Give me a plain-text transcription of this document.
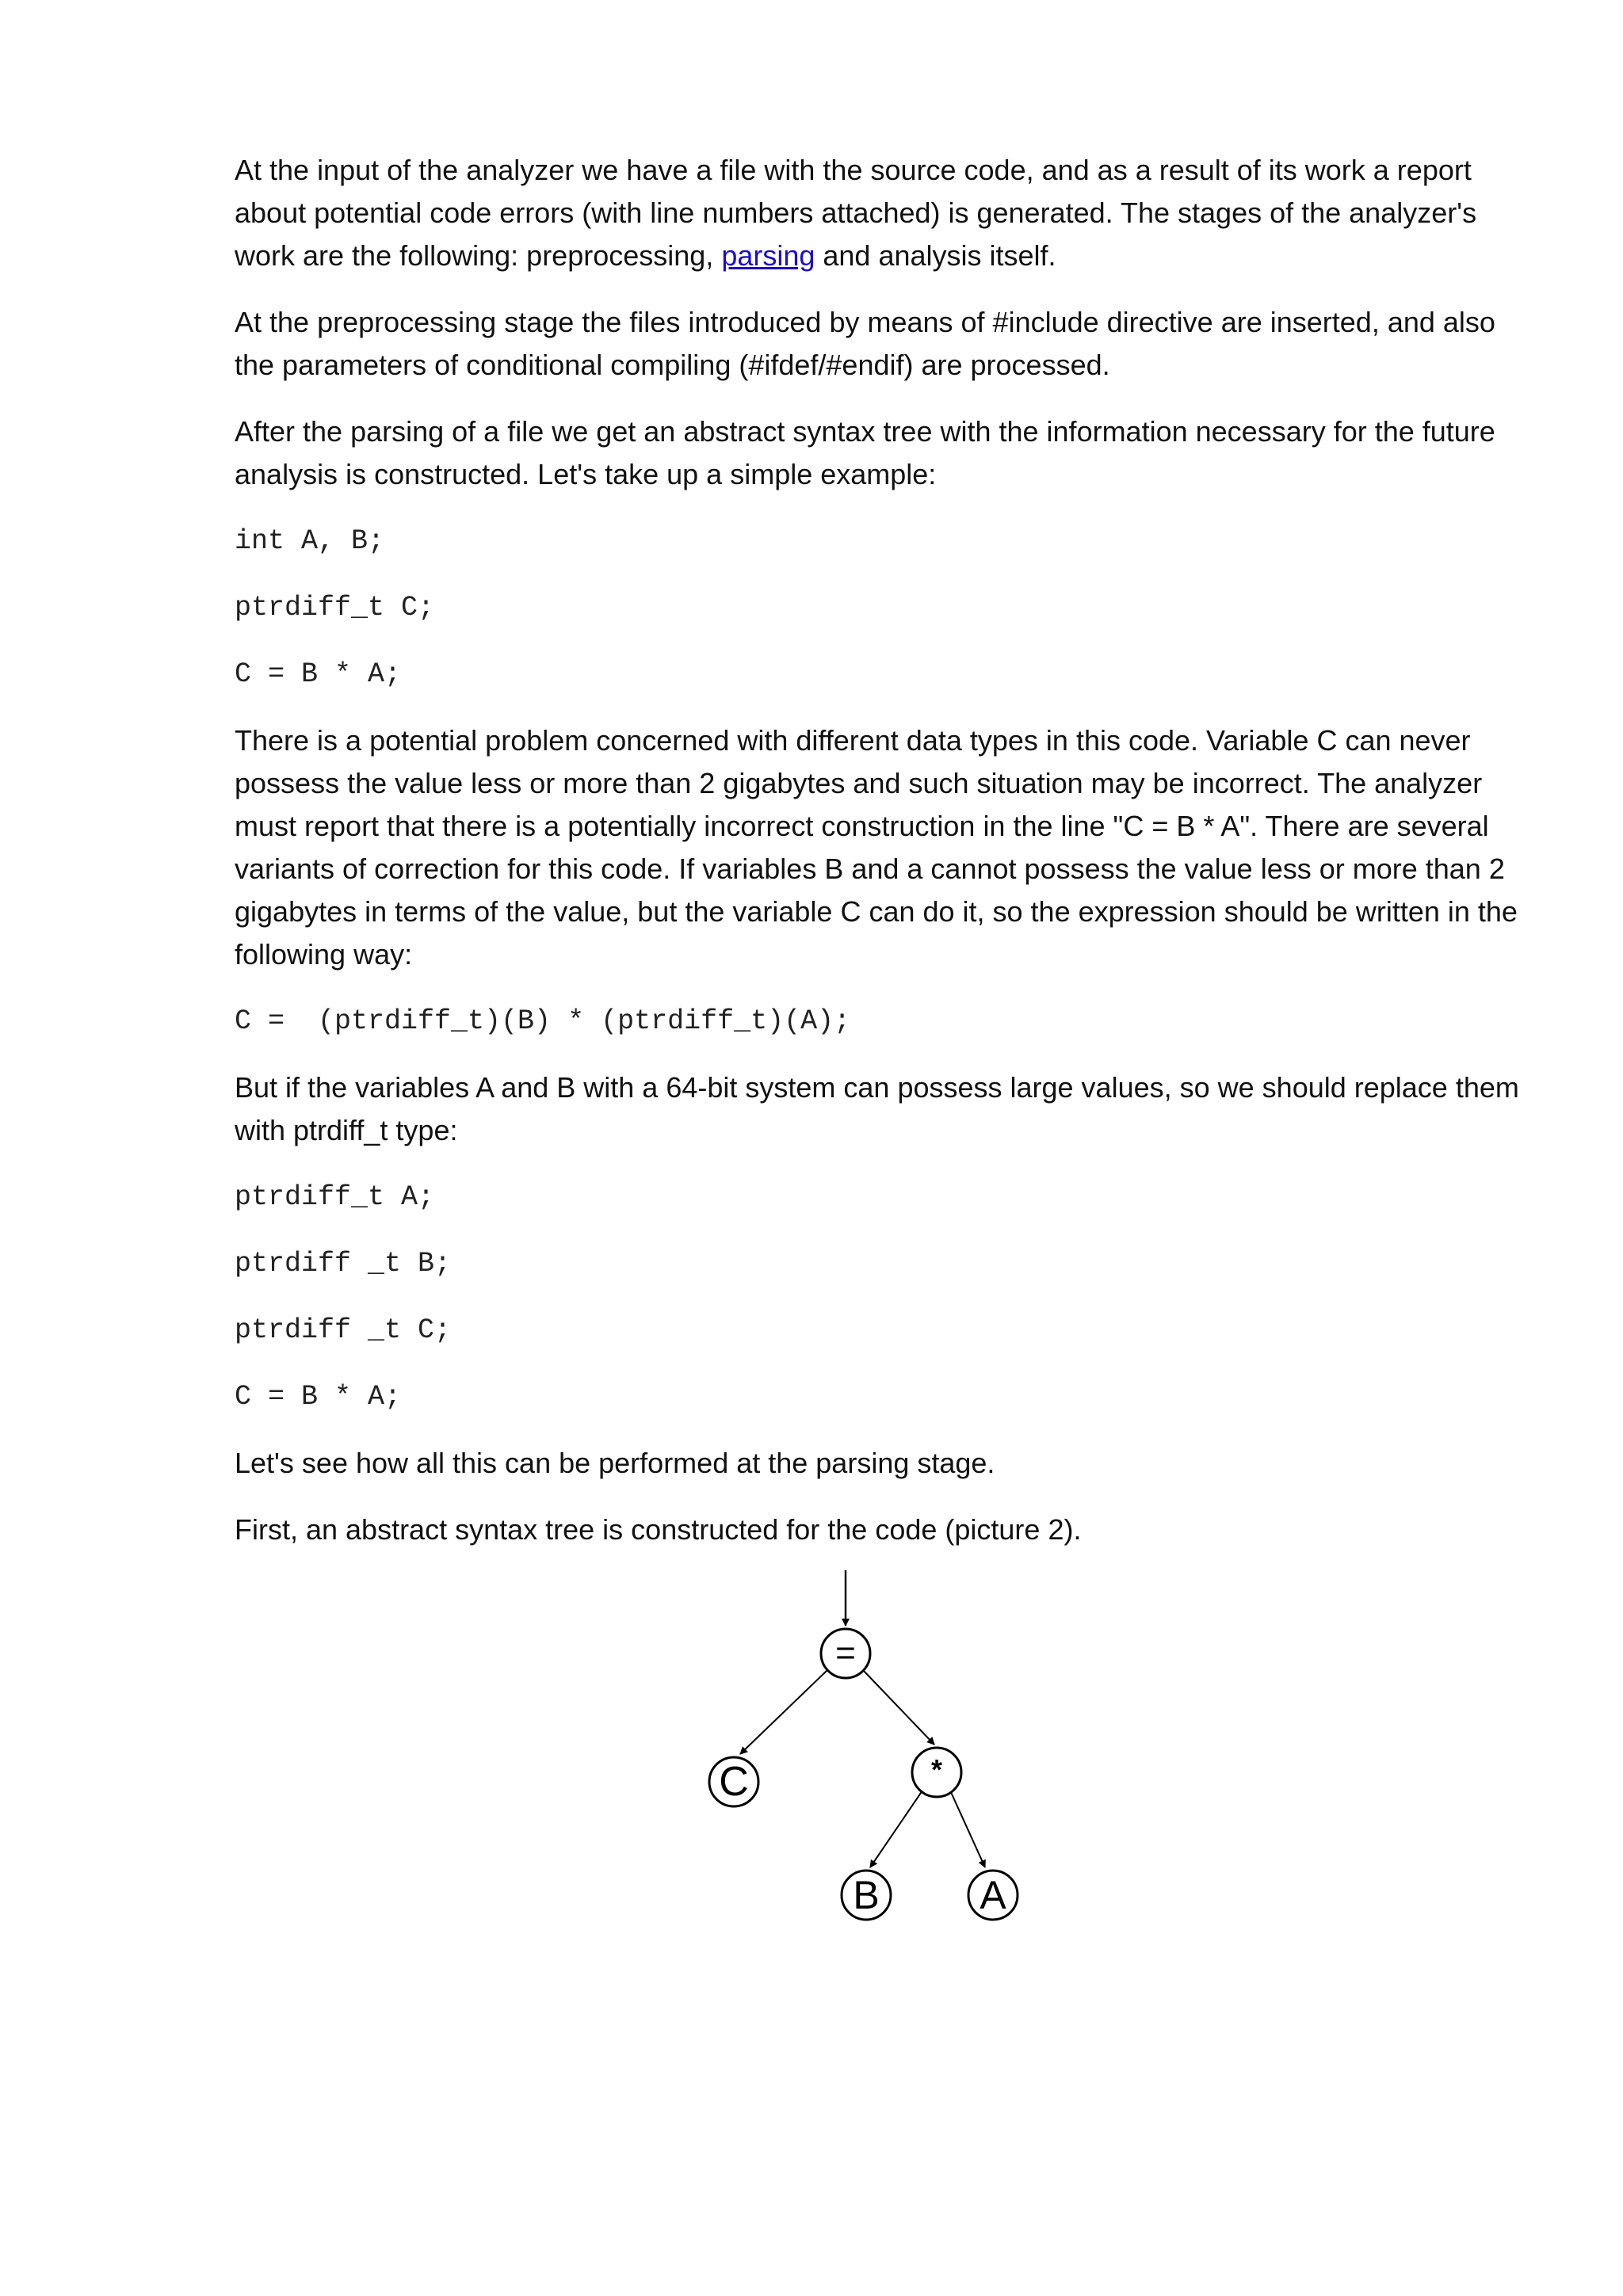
At the input of the analyzer we have a file with the source code, and as a result of its work a report about potential code errors (with line numbers attached) is generated. The stages of the analyzer's work are the following: preprocessing, parsing and analysis itself.

At the preprocessing stage the files introduced by means of #include directive are inserted, and also the parameters of conditional compiling (#ifdef/#endif) are processed.

After the parsing of a file we get an abstract syntax tree with the information necessary for the future analysis is constructed. Let's take up a simple example:

int A, B;

ptrdiff_t C;

C = B * A;

There is a potential problem concerned with different data types in this code. Variable C can never possess the value less or more than 2 gigabytes and such situation may be incorrect. The analyzer must report that there is a potentially incorrect construction in the line "C = B * A". There are several variants of correction for this code. If variables B and a cannot possess the value less or more than 2 gigabytes in terms of the value, but the variable C can do it, so the expression should be written in the following way:

C =  (ptrdiff_t)(B) * (ptrdiff_t)(A);

But if the variables A and B with a 64-bit system can possess large values, so we should replace them with ptrdiff_t type:

ptrdiff_t A;

ptrdiff _t B;

ptrdiff _t C;

C = B * A;

Let's see how all this can be performed at the parsing stage.

First, an abstract syntax tree is constructed for the code (picture 2).

=
C	*
B	A
